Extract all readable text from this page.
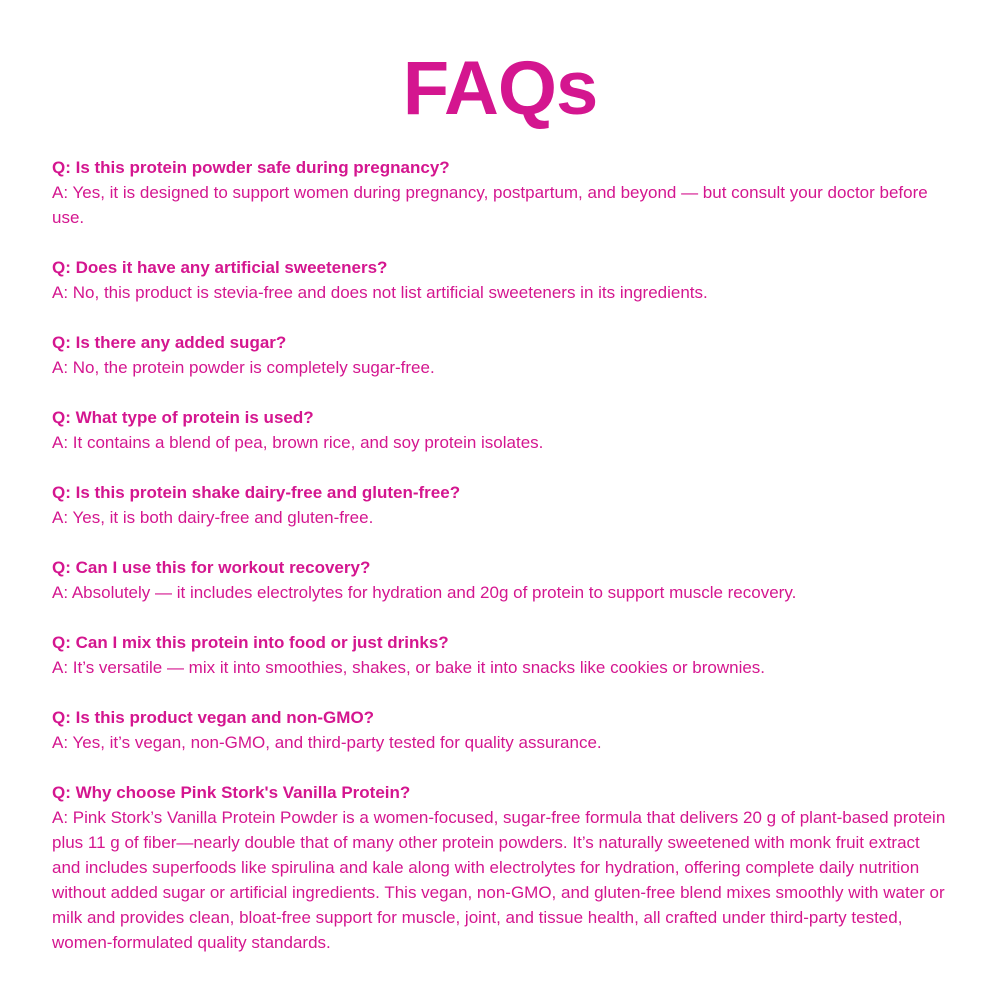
FAQs

Q: Is this protein powder safe during pregnancy?

A: Yes, it is designed to support women during pregnancy, postpartum, and beyond — but consult your doctor before use.

Q: Does it have any artificial sweeteners?

A: No, this product is stevia-free and does not list artificial sweeteners in its ingredients.

Q: Is there any added sugar?

A: No, the protein powder is completely sugar-free.

Q: What type of protein is used?

A: It contains a blend of pea, brown rice, and soy protein isolates.

Q: Is this protein shake dairy-free and gluten-free?

A: Yes, it is both dairy-free and gluten-free.

Q: Can I use this for workout recovery?

A: Absolutely — it includes electrolytes for hydration and 20g of protein to support muscle recovery.

Q: Can I mix this protein into food or just drinks?

A: It’s versatile — mix it into smoothies, shakes, or bake it into snacks like cookies or brownies.

Q: Is this product vegan and non-GMO?

A: Yes, it’s vegan, non-GMO, and third-party tested for quality assurance.

Q: Why choose Pink Stork's Vanilla Protein?

A: Pink Stork’s Vanilla Protein Powder is a women-focused, sugar-free formula that delivers 20 g of plant-based protein plus 11 g of fiber—nearly double that of many other protein powders. It’s naturally sweetened with monk fruit extract and includes superfoods like spirulina and kale along with electrolytes for hydration, offering complete daily nutrition without added sugar or artificial ingredients. This vegan, non-GMO, and gluten-free blend mixes smoothly with water or milk and provides clean, bloat-free support for muscle, joint, and tissue health, all crafted under third-party tested, women-formulated quality standards.
